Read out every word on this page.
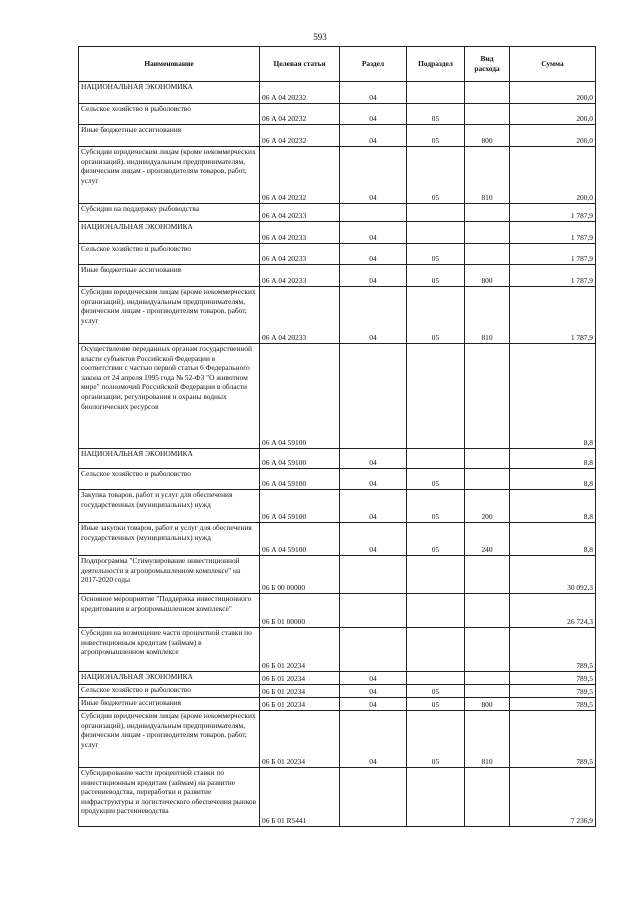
593
Наименование	Целевая статья	Раздел	Подраздел	Вид расхода	Сумма

НАЦИОНАЛЬНАЯ ЭКОНОМИКА	06 А 04 20232	04			200,0

Сельское хозяйство и рыболовство	06 А 04 20232	04	05		200,0

Иные бюджетные ассигнования	06 А 04 20232	04	05	800	200,0

Субсидии юридическим лицам (кроме некоммерческих организаций), индивидуальным предпринимателям, физическим лицам - производителям товаров, работ, услуг	06 А 04 20232	04	05	810	200,0

Субсидии на поддержку рыбоводства	06 А 04 20233				1 787,9

НАЦИОНАЛЬНАЯ ЭКОНОМИКА	06 А 04 20233	04			1 787,9

Сельское хозяйство и рыболовство	06 А 04 20233	04	05		1 787,9

Иные бюджетные ассигнования	06 А 04 20233	04	05	800	1 787,9

Субсидии юридическим лицам (кроме некоммерческих организаций), индивидуальным предпринимателям, физическим лицам - производителям товаров, работ, услуг	06 А 04 20233	04	05	810	1 787,9

Осуществление переданных органам государственной власти субъектов Российской Федерации в соответствии с частью первой статьи 6 Федерального закона от 24 апреля 1995 года № 52-ФЗ "О животном мире" полномочий Российской Федерации в области организации, регулирования и охраны водных биологических ресурсов	06 А 04 59100				8,8

НАЦИОНАЛЬНАЯ ЭКОНОМИКА	06 А 04 59100	04			8,8

Сельское хозяйство и рыболовство	06 А 04 59100	04	05		8,8

Закупка товаров, работ и услуг для обеспечения государственных (муниципальных) нужд	06 А 04 59100	04	05	200	8,8

Иные закупки товаров, работ и услуг для обеспечения государственных (муниципальных) нужд	06 А 04 59100	04	05	240	8,8

Подпрограмма "Стимулирование инвестиционной деятельности в агропромышленном комплексе" на 2017-2020 годы	06 Б 00 00000				30 092,3

Основное мероприятие "Поддержка инвестиционного кредитования в агропромышленном комплексе"	06 Б 01 00000				26 724,3

Субсидии на возмещение части процентной ставки по инвестиционным кредитам (займам) в агропромышленном комплексе	06 Б 01 20234				789,5

НАЦИОНАЛЬНАЯ ЭКОНОМИКА	06 Б 01 20234	04			789,5

Сельское хозяйство и рыболовство	06 Б 01 20234	04	05		789,5

Иные бюджетные ассигнования	06 Б 01 20234	04	05	800	789,5

Субсидии юридическим лицам (кроме некоммерческих организаций), индивидуальным предпринимателям, физическим лицам - производителям товаров, работ, услуг	06 Б 01 20234	04	05	810	789,5

Субсидирование части процентной ставки по инвестиционным кредитам (займам) на развитие растениеводства, переработки и развитие инфраструктуры и логистического обеспечения рынков продукции растениеводства	06 Б 01 R5441				7 236,9
